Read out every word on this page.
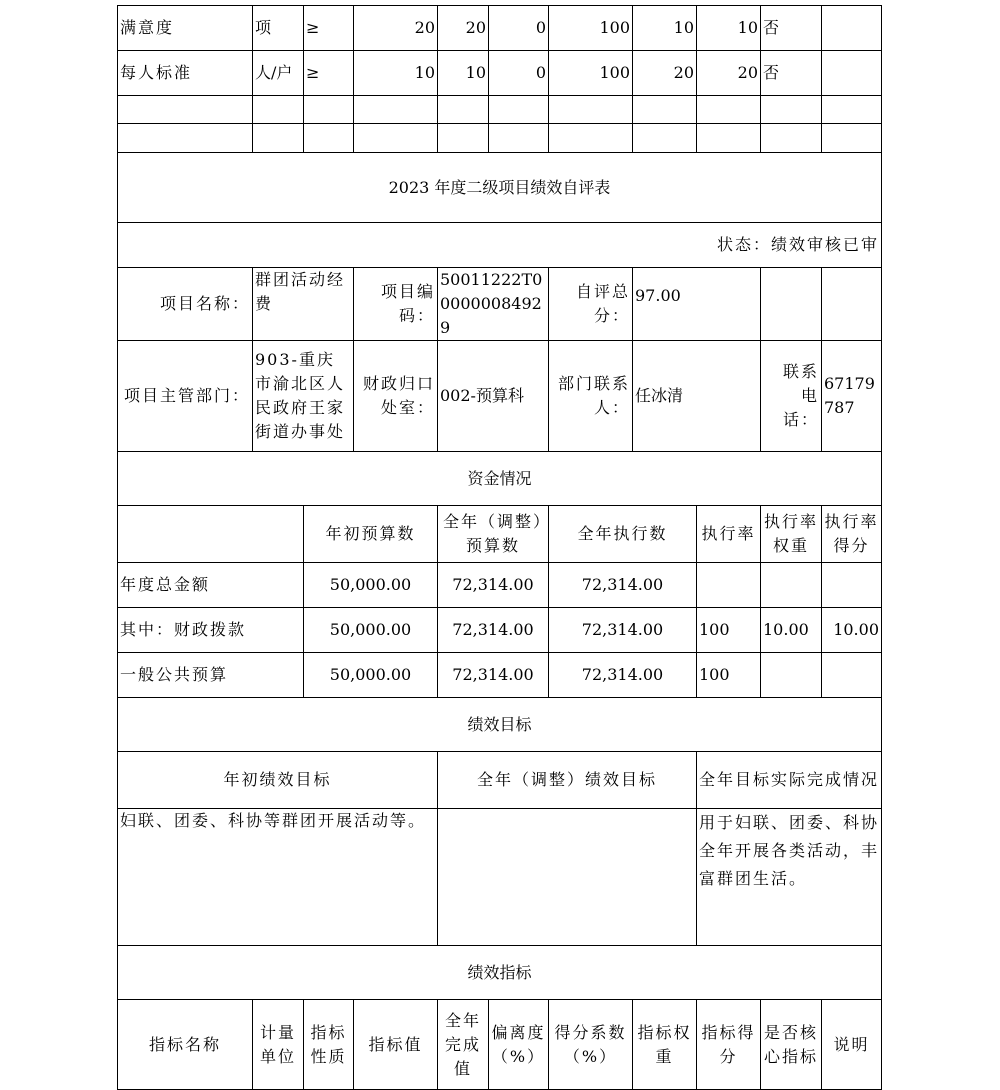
满意度	项	≥	20	20	0	100	10	10	否	
每人标准	人/户	≥	10	10	0	100	20	20	否	

2023 年度二级项目绩效自评表										
状态：绩效审核已审										
项目名称：	群团活动经费		项目编码：	50011222T000000084929		自评总分：	97.00			
项目主管部门：	903-重庆市渝北区人民政府王家街道办事处		财政归口处室：	002-预算科		部门联系人：	任冰清		联系电话：	67179787
资金情况										
		年初预算数		全年（调整）预算数		全年执行数		执行率	执行率权重	执行率得分
年度总金额		50,000.00		72,314.00		72,314.00				
其中：财政拨款		50,000.00		72,314.00		72,314.00		100	10.00	10.00
一般公共预算		50,000.00		72,314.00		72,314.00		100		
绩效目标										
年初绩效目标				全年（调整）绩效目标				全年目标实际完成情况		
妇联、团委、科协等群团开展活动等。								用于妇联、团委、科协全年开展各类活动，丰富群团生活。		
绩效指标										
指标名称	计量单位	指标性质	指标值	全年完成值	偏离度（%）	得分系数（%）	指标权重	指标得分	是否核心指标	说明
